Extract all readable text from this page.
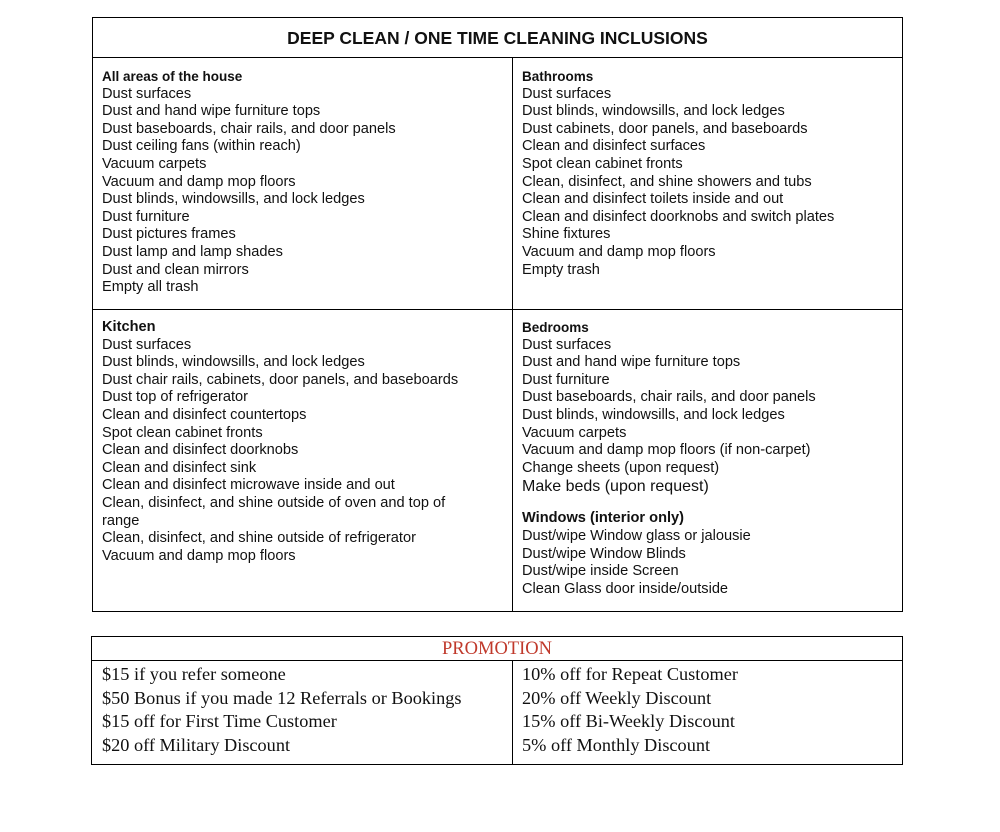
DEEP CLEAN / ONE TIME CLEANING INCLUSIONS
All areas of the house
Dust surfaces
Dust and hand wipe furniture tops
Dust baseboards, chair rails, and door panels
Dust ceiling fans (within reach)
Vacuum carpets
Vacuum and damp mop floors
Dust blinds, windowsills, and lock ledges
Dust furniture
Dust pictures frames
Dust lamp and lamp shades
Dust and clean mirrors
Empty all trash
Bathrooms
Dust surfaces
Dust blinds, windowsills, and lock ledges
Dust cabinets, door panels, and baseboards
Clean and disinfect surfaces
Spot clean cabinet fronts
Clean, disinfect, and shine showers and tubs
Clean and disinfect toilets inside and out
Clean and disinfect doorknobs and switch plates
Shine fixtures
Vacuum and damp mop floors
Empty trash
Kitchen
Dust surfaces
Dust blinds, windowsills, and lock ledges
Dust chair rails, cabinets, door panels, and baseboards
Dust top of refrigerator
Clean and disinfect countertops
Spot clean cabinet fronts
Clean and disinfect doorknobs
Clean and disinfect sink
Clean and disinfect microwave inside and out
Clean, disinfect, and shine outside of oven and top of range
Clean, disinfect, and shine outside of refrigerator
Vacuum and damp mop floors
Bedrooms
Dust surfaces
Dust and hand wipe furniture tops
Dust furniture
Dust baseboards, chair rails, and door panels
Dust blinds, windowsills, and lock ledges
Vacuum carpets
Vacuum and damp mop floors (if non-carpet)
Change sheets (upon request)
Make beds (upon request)
Windows (interior only)
Dust/wipe Window glass or jalousie
Dust/wipe Window Blinds
Dust/wipe inside Screen
Clean Glass door inside/outside
PROMOTION
$15 if you refer someone
$50 Bonus if you made 12 Referrals or Bookings
$15 off for First Time Customer
$20 off Military Discount
10% off for Repeat Customer
20% off Weekly Discount
15% off Bi-Weekly Discount
5% off Monthly Discount
